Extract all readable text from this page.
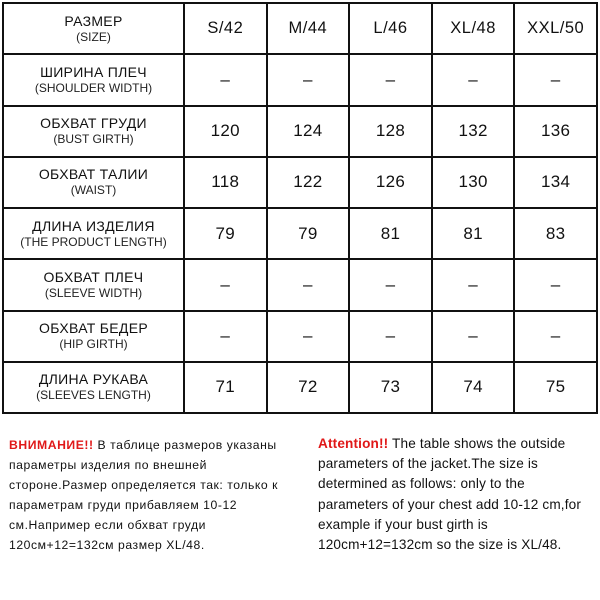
РАЗМЕР
(SIZE)	S/42	M/44	L/46	XL/48	XXL/50

ШИРИНА ПЛЕЧ
(SHOULDER WIDTH)	–	–	–	–	–

ОБХВАТ ГРУДИ
(BUST GIRTH)	120	124	128	132	136

ОБХВАТ ТАЛИИ
(WAIST)	118	122	126	130	134

ДЛИНА ИЗДЕЛИЯ
(THE PRODUCT LENGTH)	79	79	81	81	83

ОБХВАТ ПЛЕЧ
(SLEEVE WIDTH)	–	–	–	–	–

ОБХВАТ БЕДЕР
(HIP GIRTH)	–	–	–	–	–

ДЛИНА РУКАВА
(SLEEVES LENGTH)	71	72	73	74	75
ВНИМАНИЕ!! В таблице размеров указаны параметры изделия по внешней стороне.Размер определяется так: только к параметрам груди прибавляем 10-12 см.Например если обхват груди 120см+12=132см размер XL/48.
Attention!! The table shows the outside parameters of the jacket.The size is determined as follows: only to the parameters of your chest add 10-12 cm,for example if your bust girth is 120cm+12=132cm so the size is XL/48.
